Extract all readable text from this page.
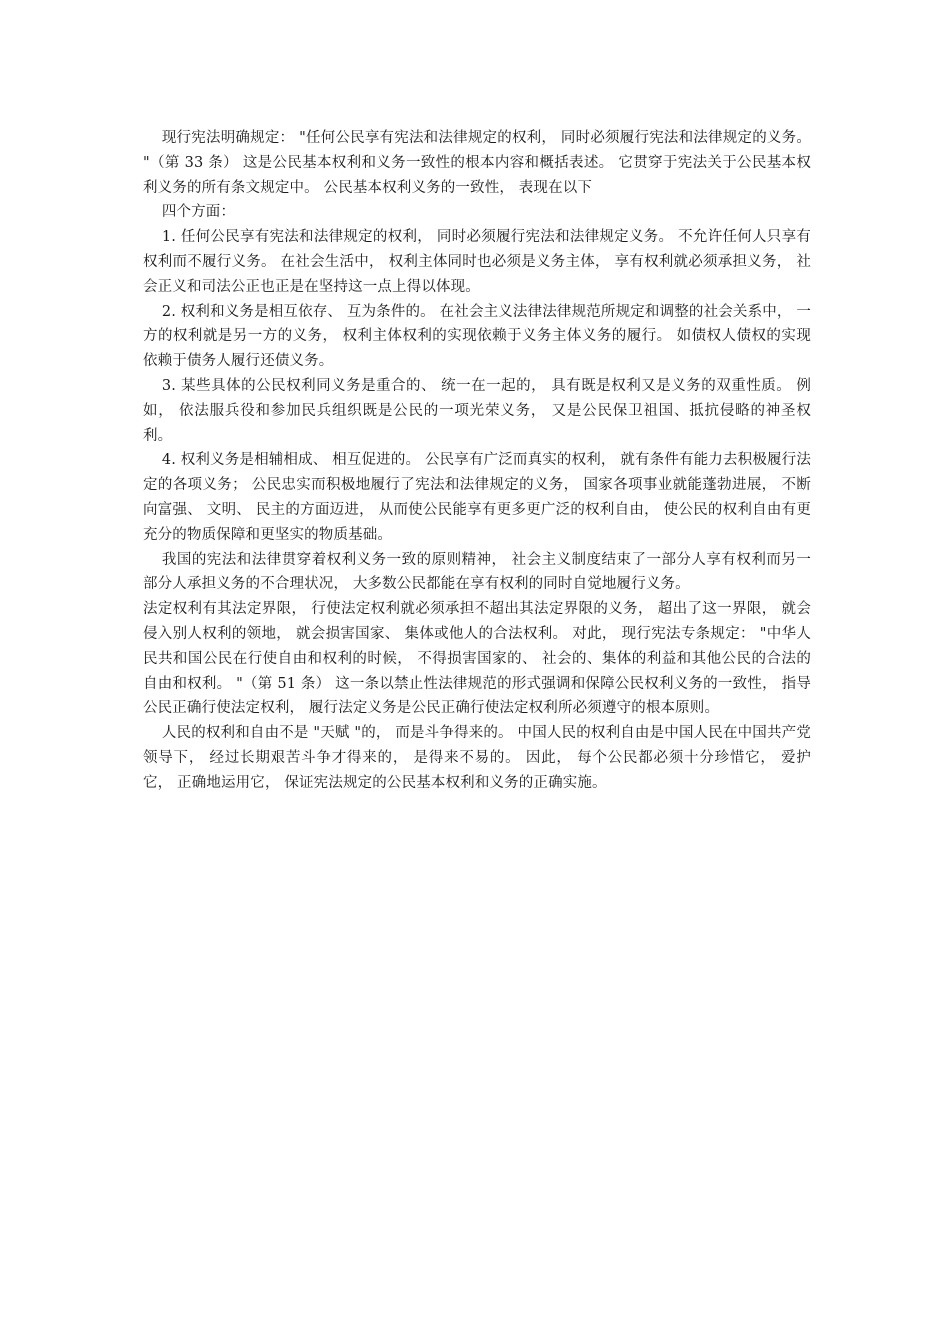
现行宪法明确规定： "任何公民享有宪法和法律规定的权利， 同时必须履行宪法和法律规定的义务。 "（第 33 条） 这是公民基本权利和义务一致性的根本内容和概括表述。 它贯穿于宪法关于公民基本权利义务的所有条文规定中。 公民基本权利义务的一致性， 表现在以下

四个方面：

1. 任何公民享有宪法和法律规定的权利， 同时必须履行宪法和法律规定义务。 不允许任何人只享有权利而不履行义务。 在社会生活中， 权利主体同时也必须是义务主体， 享有权利就必须承担义务， 社会正义和司法公正也正是在坚持这一点上得以体现。

2. 权利和义务是相互依存、 互为条件的。 在社会主义法律法律规范所规定和调整的社会关系中， 一方的权利就是另一方的义务， 权利主体权利的实现依赖于义务主体义务的履行。 如债权人债权的实现依赖于债务人履行还债义务。

3. 某些具体的公民权利同义务是重合的、 统一在一起的， 具有既是权利又是义务的双重性质。 例如， 依法服兵役和参加民兵组织既是公民的一项光荣义务， 又是公民保卫祖国、抵抗侵略的神圣权利。

4. 权利义务是相辅相成、 相互促进的。 公民享有广泛而真实的权利， 就有条件有能力去积极履行法定的各项义务； 公民忠实而积极地履行了宪法和法律规定的义务， 国家各项事业就能蓬勃进展， 不断向富强、 文明、 民主的方面迈进， 从而使公民能享有更多更广泛的权利自由， 使公民的权利自由有更充分的物质保障和更坚实的物质基础。

我国的宪法和法律贯穿着权利义务一致的原则精神， 社会主义制度结束了一部分人享有权利而另一部分人承担义务的不合理状况， 大多数公民都能在享有权利的同时自觉地履行义务。

法定权利有其法定界限， 行使法定权利就必须承担不超出其法定界限的义务， 超出了这一界限， 就会侵入别人权利的领地， 就会损害国家、 集体或他人的合法权利。 对此， 现行宪法专条规定： "中华人民共和国公民在行使自由和权利的时候， 不得损害国家的、 社会的、集体的利益和其他公民的合法的自由和权利。 "（第 51 条） 这一条以禁止性法律规范的形式强调和保障公民权利义务的一致性， 指导公民正确行使法定权利， 履行法定义务是公民正确行使法定权利所必须遵守的根本原则。

人民的权利和自由不是 "天赋 "的， 而是斗争得来的。 中国人民的权利自由是中国人民在中国共产党领导下， 经过长期艰苦斗争才得来的， 是得来不易的。 因此， 每个公民都必须十分珍惜它， 爱护它， 正确地运用它， 保证宪法规定的公民基本权利和义务的正确实施。
